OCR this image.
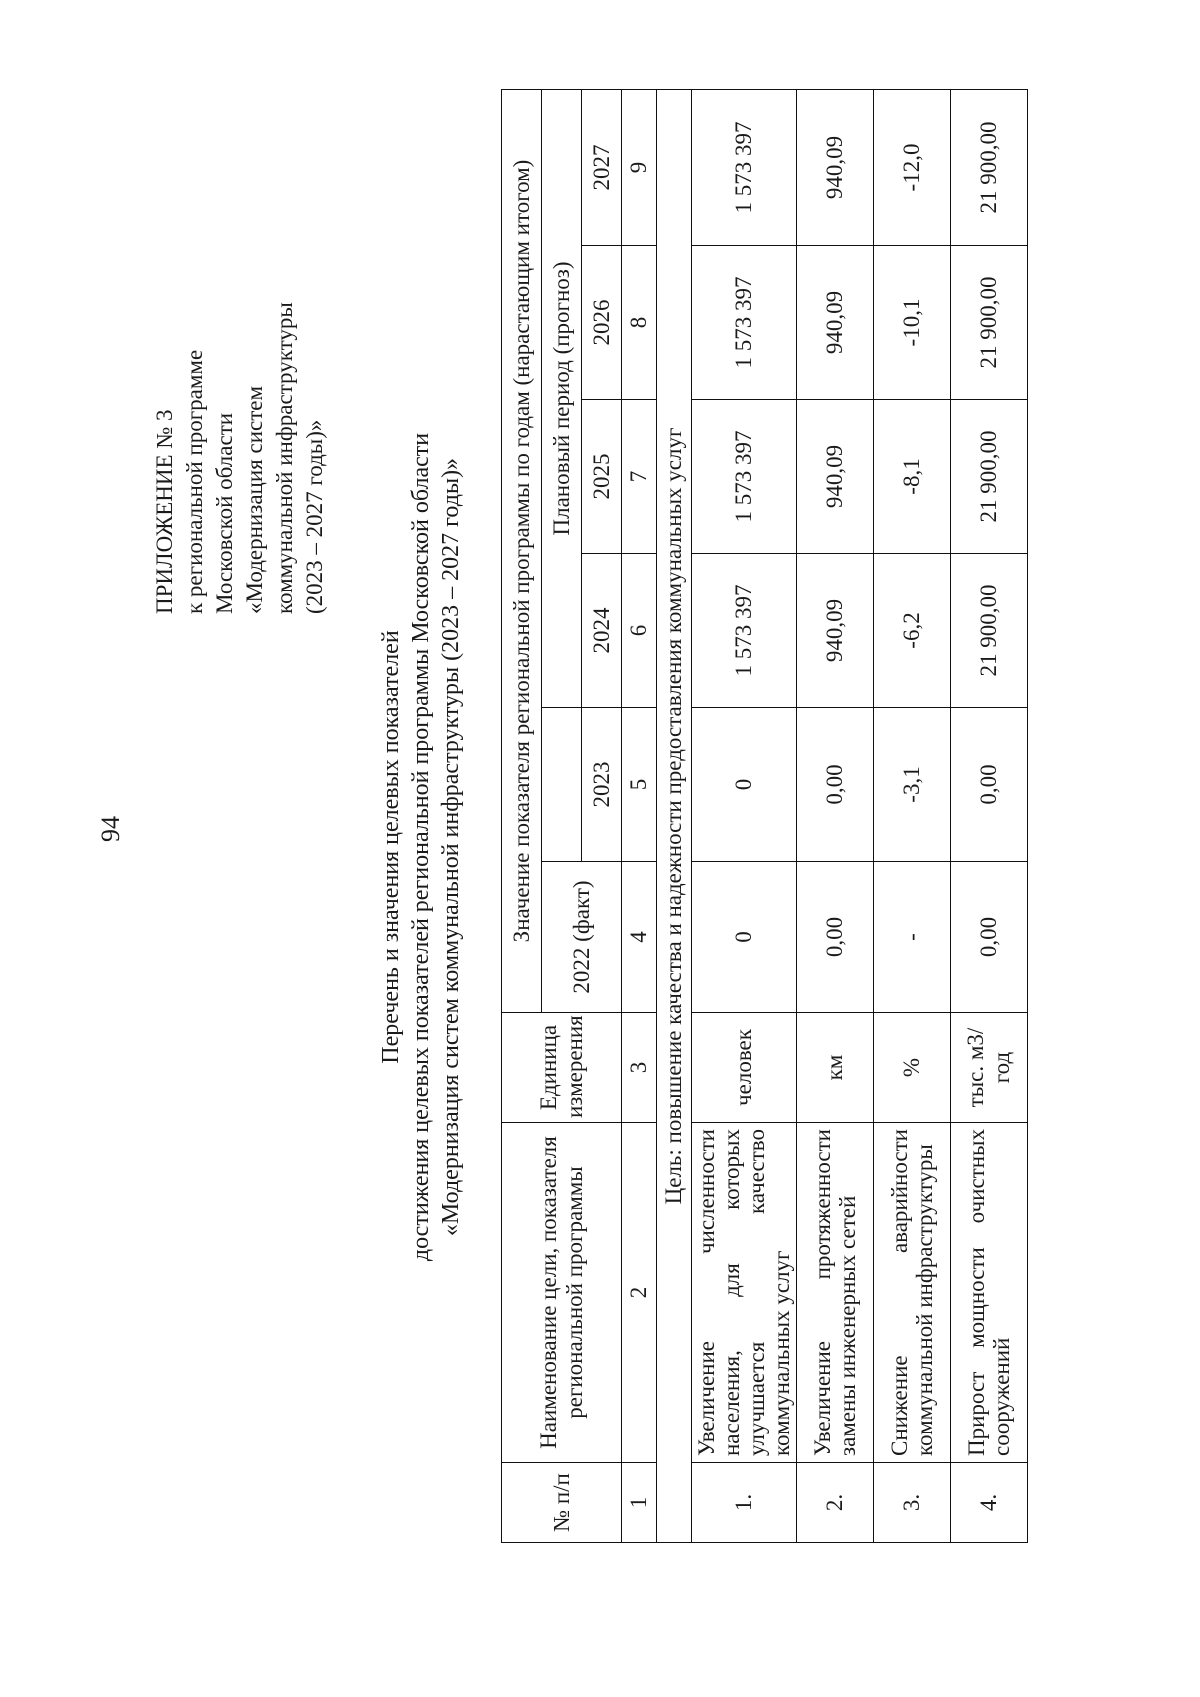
94
ПРИЛОЖЕНИЕ № 3 к региональной программе Московской области «Модернизация систем коммунальной инфраструктуры (2023 – 2027 годы)»
Перечень и значения целевых показателей достижения целевых показателей региональной программы Московской области «Модернизация систем коммунальной инфраструктуры (2023 – 2027 годы)»
№ п/п	Наименование цели, показателя региональной программы	Единица измерения	Значение показателя региональной программы по годам (нарастающим итогом)					
			2022 (факт)		Плановый период (прогноз)			
				2023	2024	2025	2026	2027
1	2	3	4	5	6	7	8	9
Цель: повышение качества и надежности предоставления коммунальных услуг								
1.	Увеличение численности населения, для которых улучшается качество коммунальных услуг	человек	0	0	1 573 397	1 573 397	1 573 397	1 573 397
2.	Увеличение протяженности замены инженерных сетей	км	0,00	0,00	940,09	940,09	940,09	940,09
3.	Снижение аварийности коммунальной инфраструктуры	%	-	-3,1	-6,2	-8,1	-10,1	-12,0
4.	Прирост мощности очистных сооружений	тыс. м3/год	0,00	0,00	21 900,00	21 900,00	21 900,00	21 900,00
